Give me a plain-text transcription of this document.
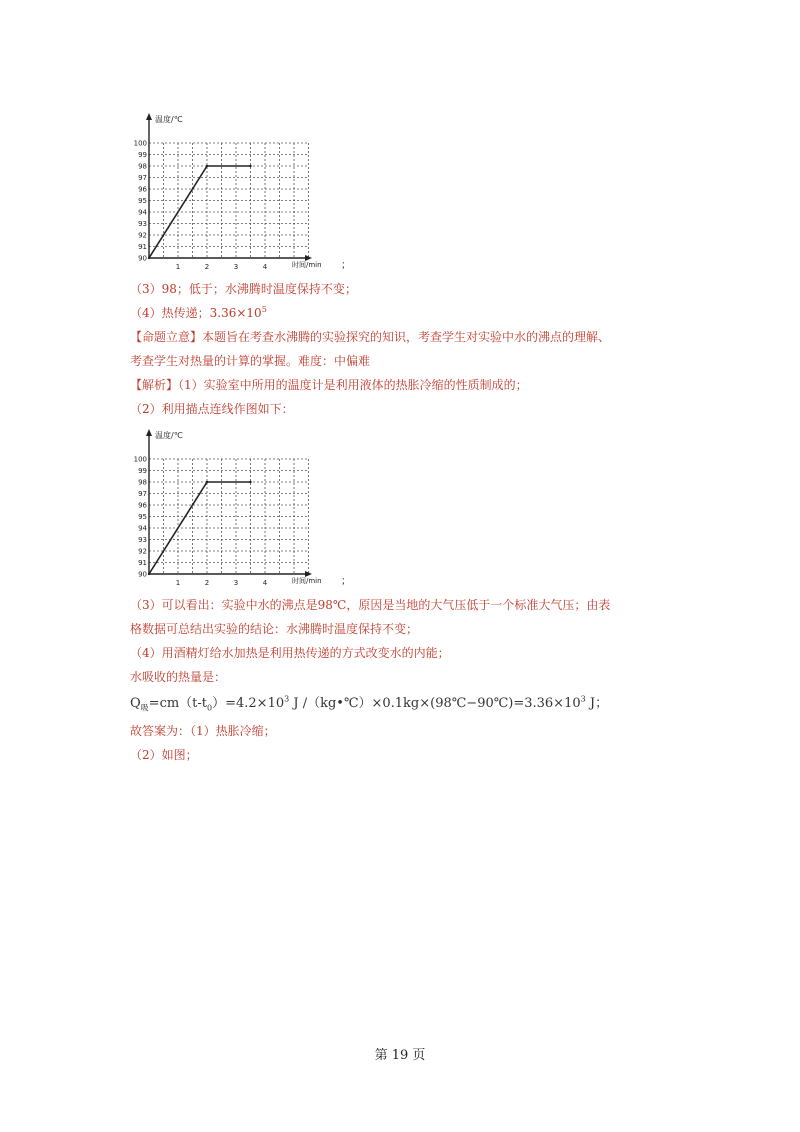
温度/℃
时间/min
90
91
92
93
94
95
96
97
98
99
100
1	2	3	4	；
（3）98；低于；水沸腾时温度保持不变；
（4）热传递；$3.36\times 10^5$
【命题立意】本题旨在考查水沸腾的实验探究的知识，考查学生对实验中水的沸点的理解、
考查学生对热量的计算的掌握。难度：中偏难
【解析】（1）实验室中所用的温度计是利用液体的热胀冷缩的性质制成的；
（2）利用描点连线作图如下：
温度/℃
时间/min
90
91
92
93
94
95
96
97
98
99
100
1	2	3	4	；
（3）可以看出：实验中水的沸点是98℃，原因是当地的大气压低于一个标准大气压；由表
格数据可总结出实验的结论：水沸腾时温度保持不变；
（4）用酒精灯给水加热是利用热传递的方式改变水的内能；
水吸收的热量是：
$Q_吸=cm(t-t_0)=4.2\times 10^3$ J $/(kg•℃)\times 0.1kg\times(98℃-90℃)=3.36\times 10^3$ J；
故答案为：（1）热胀冷缩；
（2）如图；
第 19 页
